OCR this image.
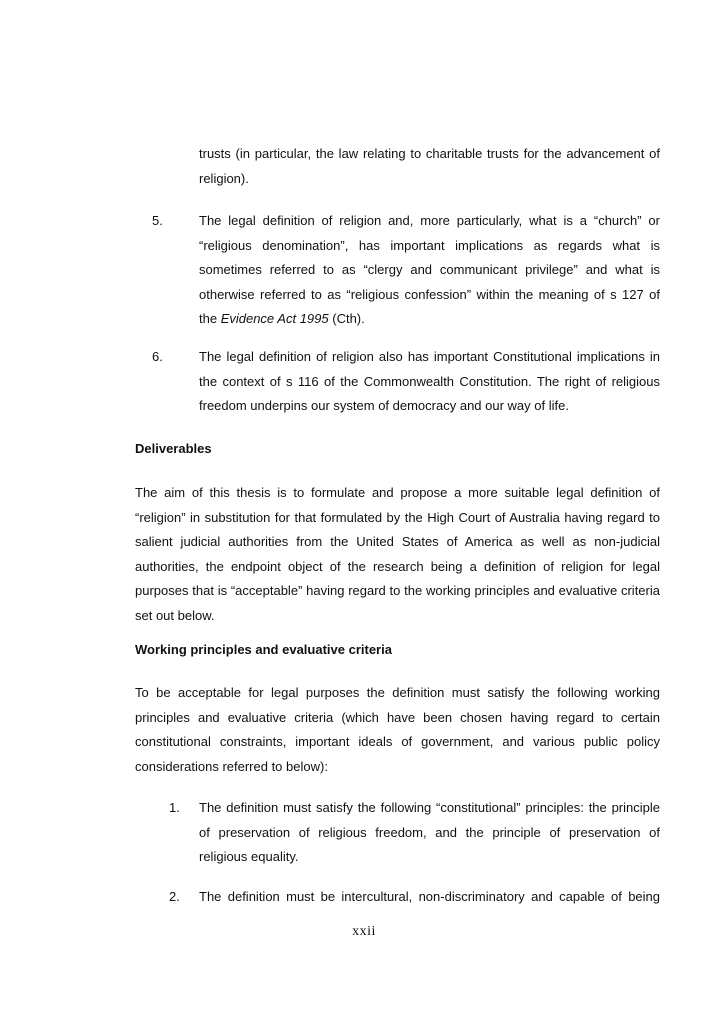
trusts (in particular, the law relating to charitable trusts for the advancement of religion).
5.	The legal definition of religion and, more particularly, what is a “church” or “religious denomination”, has important implications as regards what is sometimes referred to as “clergy and communicant privilege” and what is otherwise referred to as “religious confession” within the meaning of s 127 of the Evidence Act 1995 (Cth).
6.	The legal definition of religion also has important Constitutional implications in the context of s 116 of the Commonwealth Constitution. The right of religious freedom underpins our system of democracy and our way of life.
Deliverables
The aim of this thesis is to formulate and propose a more suitable legal definition of “religion” in substitution for that formulated by the High Court of Australia having regard to salient judicial authorities from the United States of America as well as non-judicial authorities, the endpoint object of the research being a definition of religion for legal purposes that is “acceptable” having regard to the working principles and evaluative criteria set out below.
Working principles and evaluative criteria
To be acceptable for legal purposes the definition must satisfy the following working principles and evaluative criteria (which have been chosen having regard to certain constitutional constraints, important ideals of government, and various public policy considerations referred to below):
1. The definition must satisfy the following “constitutional” principles: the principle of preservation of religious freedom, and the principle of preservation of religious equality.
2. The definition must be intercultural, non-discriminatory and capable of being
xxii
